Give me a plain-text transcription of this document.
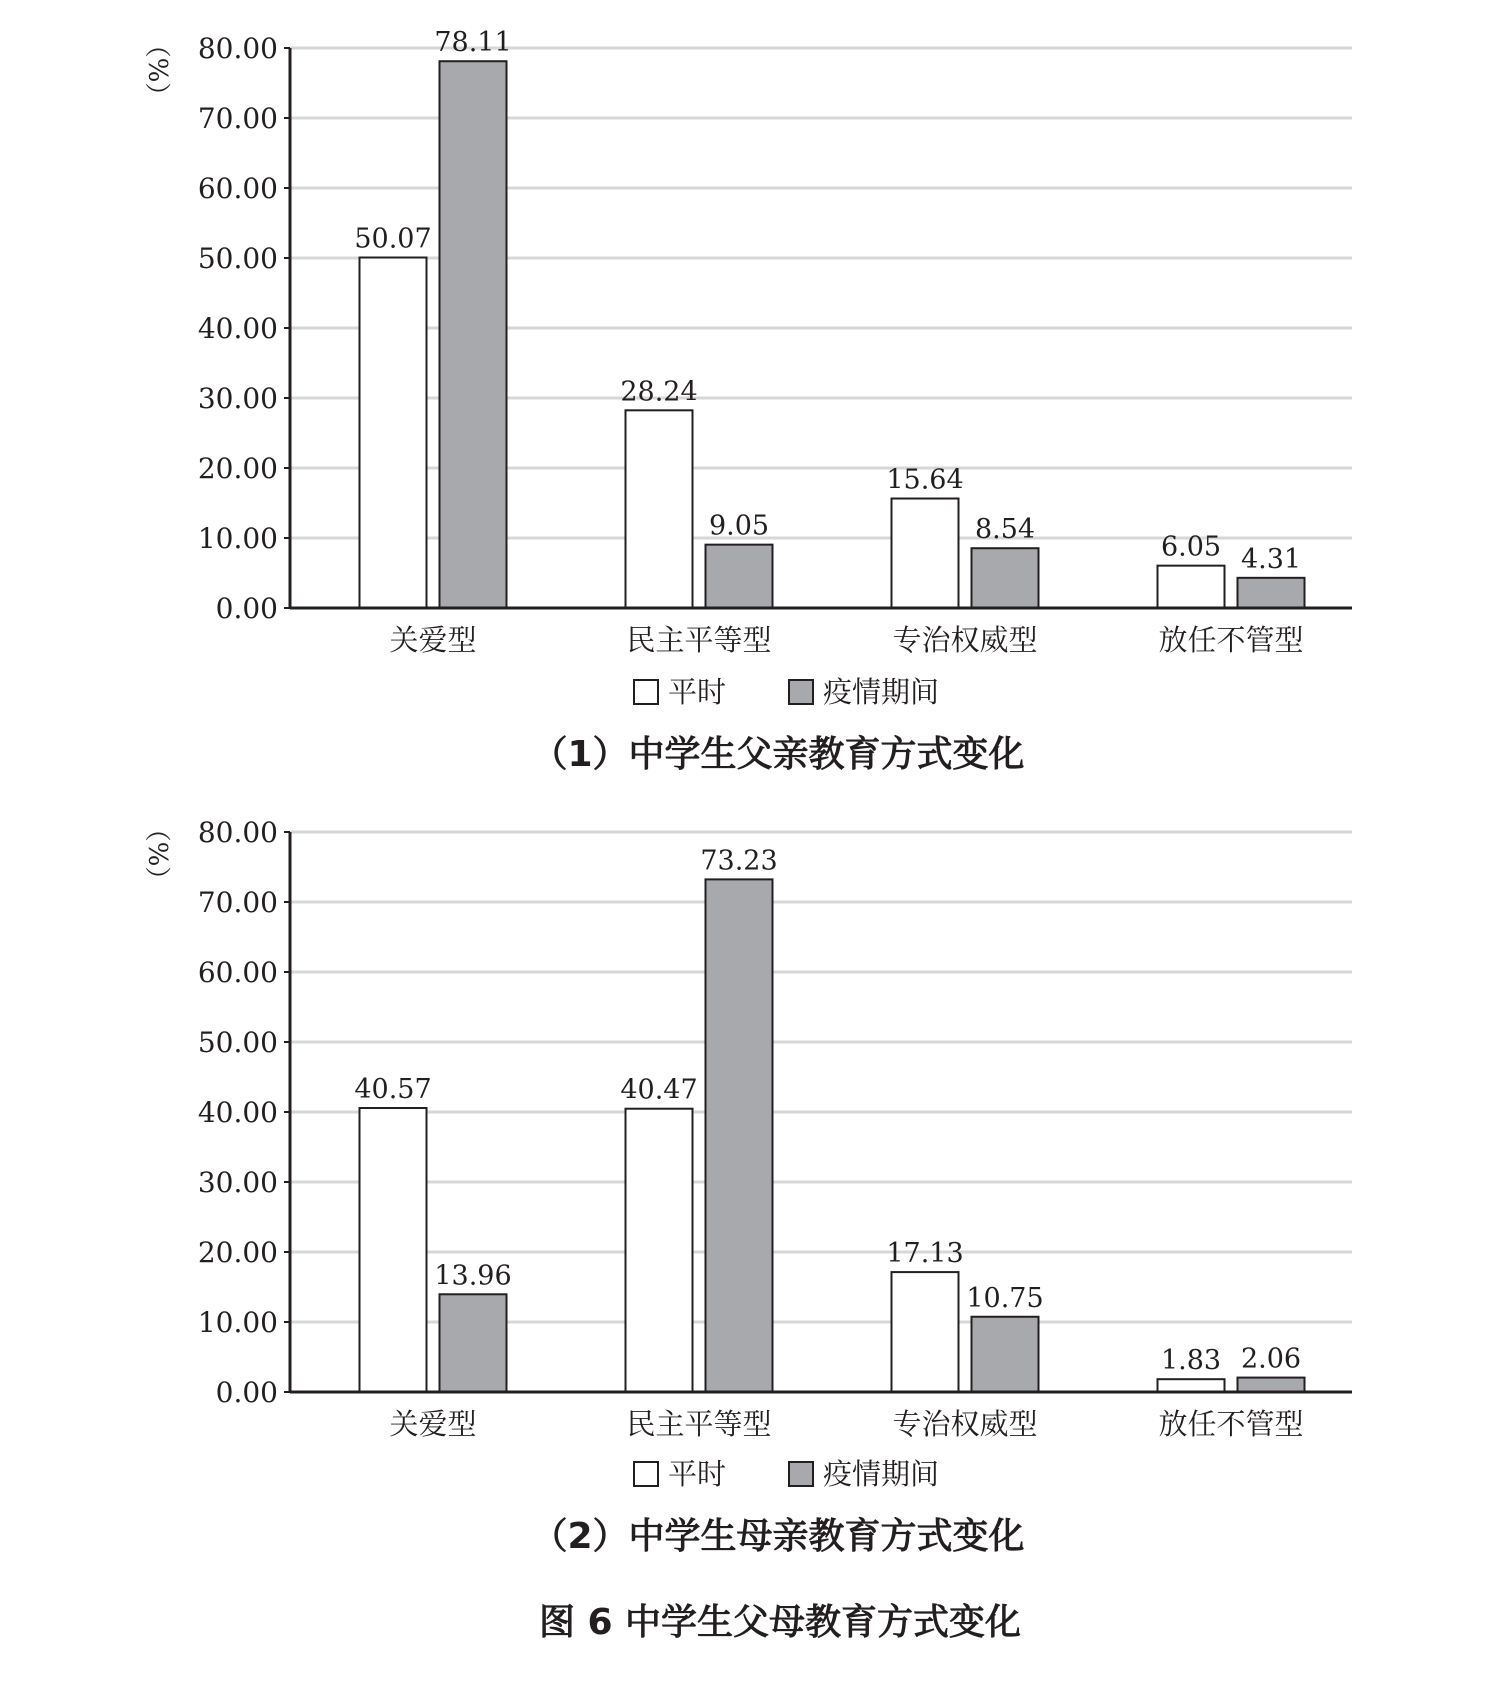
0.00
10.00
20.00
30.00
40.00
50.00
60.00
70.00
80.00
（%）
50.07
78.11
关爱型
28.24
9.05
民主平等型
15.64
8.54
专治权威型
6.05 4.31
放任不管型
平时	疫情期间
（1）中学生父亲教育方式变化
0.00
10.00
20.00
30.00
40.00
50.00
60.00
70.00
80.00
（%）
40.57
13.96
关爱型
40.47
73.23
民主平等型
17.13
10.75
专治权威型
1.83 2.06
放任不管型
平时	疫情期间
（2）中学生母亲教育方式变化
图 6 中学生父母教育方式变化
